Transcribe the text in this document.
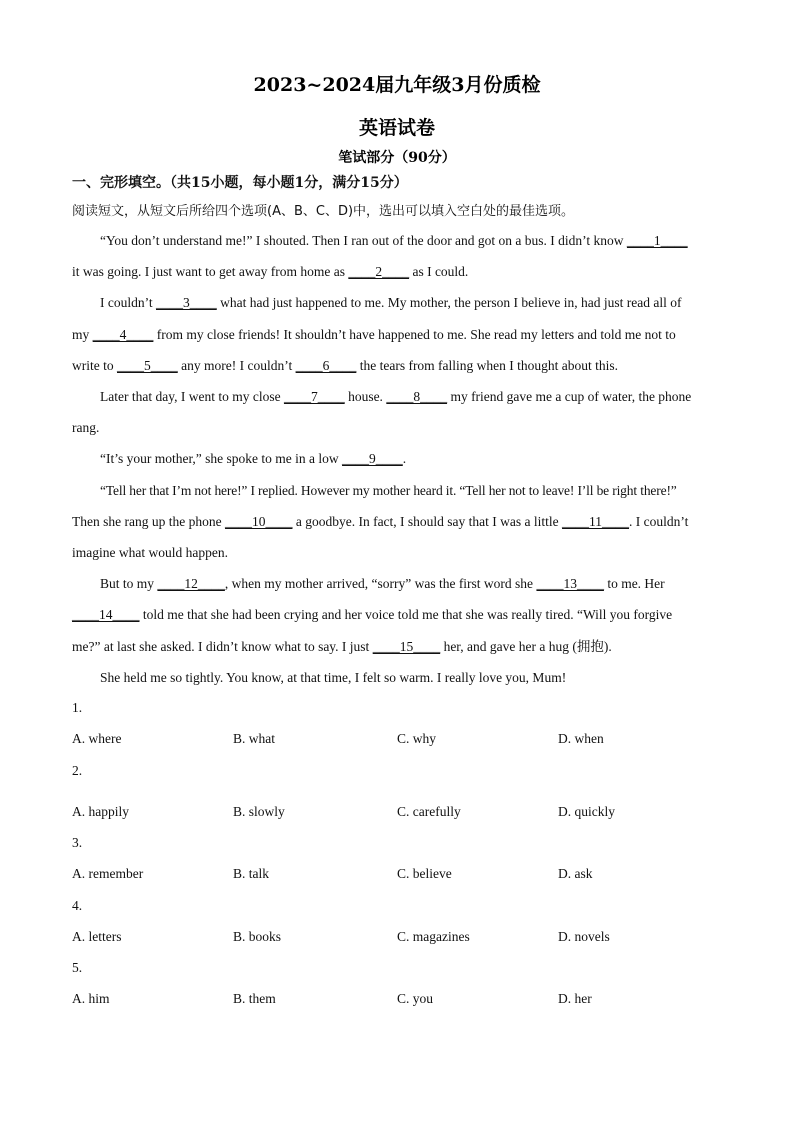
2023~2024届九年级3月份质检
英语试卷
笔试部分（90分）
一、完形填空。（共15小题，每小题1分，满分15分）
阅读短文，从短文后所给四个选项(A、B、C、D)中，选出可以填入空白处的最佳选项。
“You don’t understand me!” I shouted. Then I ran out of the door and got on a bus. I didn’t know ____1____
it was going. I just want to get away from home as ____2____ as I could.
I couldn’t ____3____ what had just happened to me. My mother, the person I believe in, had just read all of
my ____4____ from my close friends! It shouldn’t have happened to me. She read my letters and told me not to
write to ____5____ any more! I couldn’t ____6____ the tears from falling when I thought about this.
Later that day, I went to my close ____7____ house. ____8____ my friend gave me a cup of water, the phone
rang.
“It’s your mother,” she spoke to me in a low ____9____.
“Tell her that I’m not here!” I replied. However my mother heard it. “Tell her not to leave! I’ll be right there!”
Then she rang up the phone ____10____ a goodbye. In fact, I should say that I was a little ____11____. I couldn’t
imagine what would happen.
But to my ____12____, when my mother arrived, “sorry” was the first word she ____13____ to me. Her
____14____ told me that she had been crying and her voice told me that she was really tired. “Will you forgive
me?” at last she asked. I didn’t know what to say. I just ____15____ her, and gave her a hug (拥抱).
She held me so tightly. You know, at that time, I felt so warm. I really love you, Mum!
1.
A. where	B. what	C. why	D. when
2.
A. happily	B. slowly	C. carefully	D. quickly
3.
A. remember	B. talk	C. believe	D. ask
4.
A. letters	B. books	C. magazines	D. novels
5.
A. him	B. them	C. you	D. her
